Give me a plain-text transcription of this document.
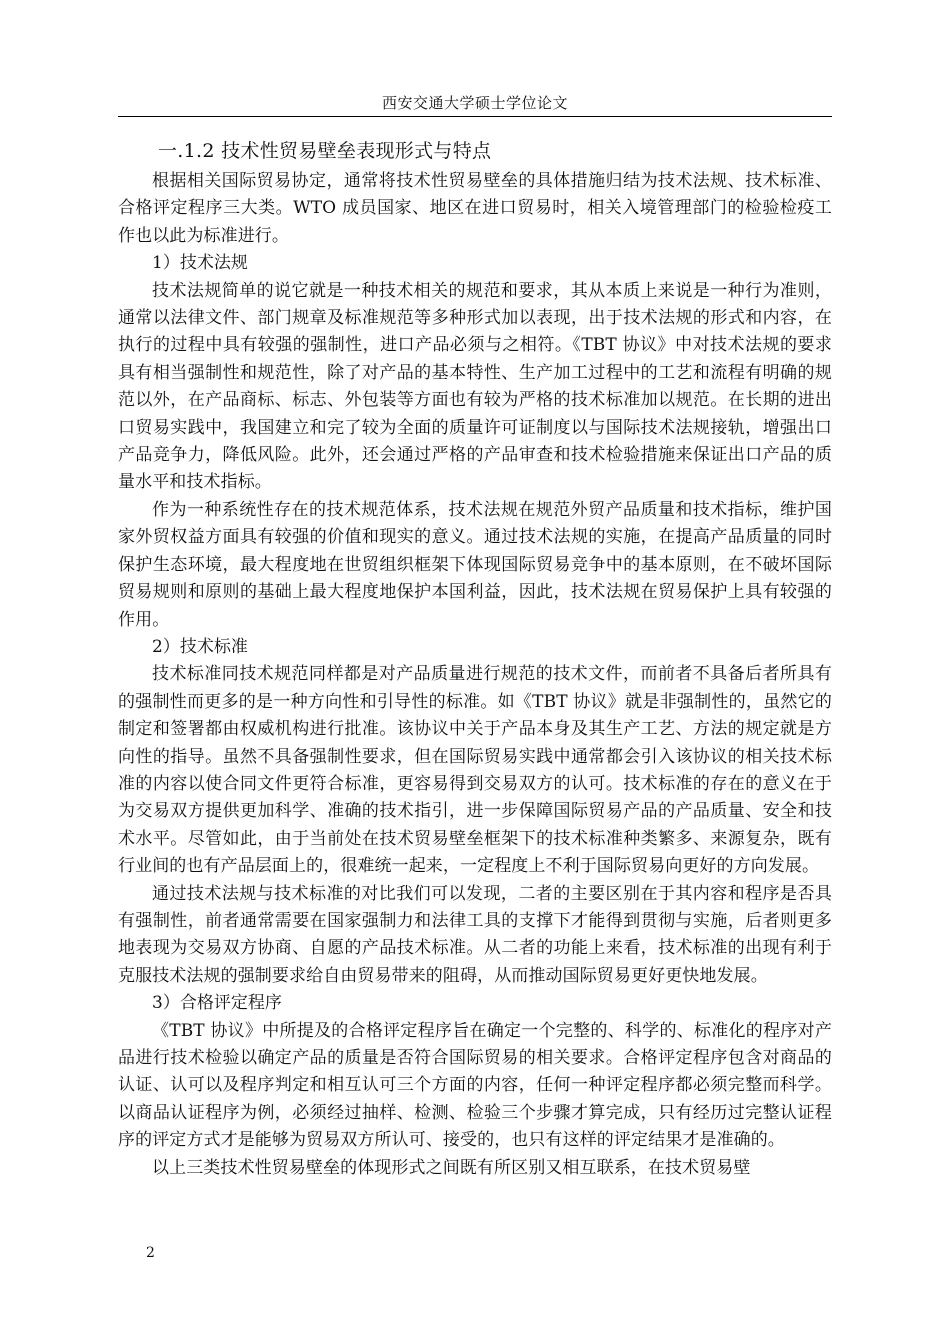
西安交通大学硕士学位论文
一.1.2 技术性贸易壁垒表现形式与特点

根据相关国际贸易协定，通常将技术性贸易壁垒的具体措施归结为技术法规、技术标准、合格评定程序三大类。WTO 成员国家、地区在进口贸易时，相关入境管理部门的检验检疫工作也以此为标准进行。

1）技术法规

技术法规简单的说它就是一种技术相关的规范和要求，其从本质上来说是一种行为准则，通常以法律文件、部门规章及标准规范等多种形式加以表现，出于技术法规的形式和内容，在执行的过程中具有较强的强制性，进口产品必须与之相符。《TBT 协议》中对技术法规的要求具有相当强制性和规范性，除了对产品的基本特性、生产加工过程中的工艺和流程有明确的规范以外，在产品商标、标志、外包装等方面也有较为严格的技术标准加以规范。在长期的进出口贸易实践中，我国建立和完了较为全面的质量许可证制度以与国际技术法规接轨，增强出口产品竞争力，降低风险。此外，还会通过严格的产品审查和技术检验措施来保证出口产品的质量水平和技术指标。

作为一种系统性存在的技术规范体系，技术法规在规范外贸产品质量和技术指标，维护国家外贸权益方面具有较强的价值和现实的意义。通过技术法规的实施，在提高产品质量的同时保护生态环境，最大程度地在世贸组织框架下体现国际贸易竞争中的基本原则，在不破坏国际贸易规则和原则的基础上最大程度地保护本国利益，因此，技术法规在贸易保护上具有较强的作用。

2）技术标准

技术标准同技术规范同样都是对产品质量进行规范的技术文件，而前者不具备后者所具有的强制性而更多的是一种方向性和引导性的标准。如《TBT 协议》就是非强制性的，虽然它的制定和签署都由权威机构进行批准。该协议中关于产品本身及其生产工艺、方法的规定就是方向性的指导。虽然不具备强制性要求，但在国际贸易实践中通常都会引入该协议的相关技术标准的内容以使合同文件更符合标准，更容易得到交易双方的认可。技术标准的存在的意义在于为交易双方提供更加科学、准确的技术指引，进一步保障国际贸易产品的产品质量、安全和技术水平。尽管如此，由于当前处在技术贸易壁垒框架下的技术标准种类繁多、来源复杂，既有行业间的也有产品层面上的，很难统一起来，一定程度上不利于国际贸易向更好的方向发展。

通过技术法规与技术标准的对比我们可以发现，二者的主要区别在于其内容和程序是否具有强制性，前者通常需要在国家强制力和法律工具的支撑下才能得到贯彻与实施，后者则更多地表现为交易双方协商、自愿的产品技术标准。从二者的功能上来看，技术标准的出现有利于克服技术法规的强制要求给自由贸易带来的阻碍，从而推动国际贸易更好更快地发展。

3）合格评定程序

《TBT 协议》中所提及的合格评定程序旨在确定一个完整的、科学的、标准化的程序对产品进行技术检验以确定产品的质量是否符合国际贸易的相关要求。合格评定程序包含对商品的认证、认可以及程序判定和相互认可三个方面的内容，任何一种评定程序都必须完整而科学。以商品认证程序为例，必须经过抽样、检测、检验三个步骤才算完成，只有经历过完整认证程序的评定方式才是能够为贸易双方所认可、接受的，也只有这样的评定结果才是准确的。

以上三类技术性贸易壁垒的体现形式之间既有所区别又相互联系，在技术贸易壁

2
